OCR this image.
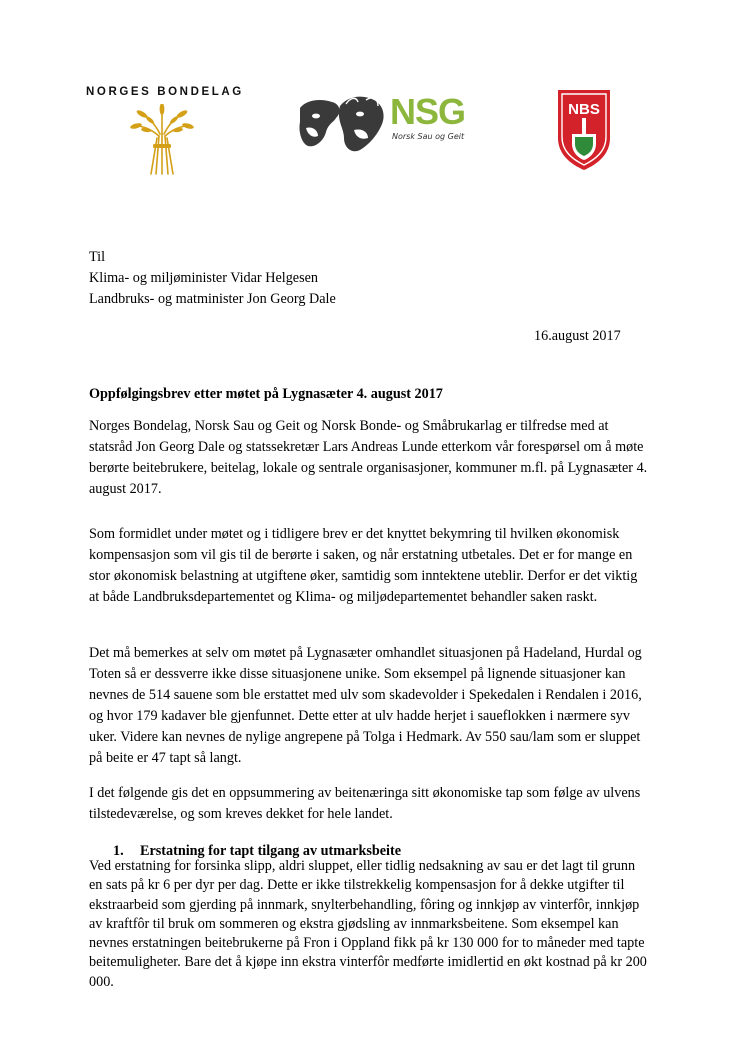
NORGES BONDELAG	NSG
Norsk Sau og Geit
NBS
Til
Klima- og miljøminister Vidar Helgesen
Landbruks- og matminister Jon Georg Dale
16.august 2017
Oppfølgingsbrev etter møtet på Lygnasæter 4. august 2017
Norges Bondelag, Norsk Sau og Geit og Norsk Bonde- og Småbrukarlag er tilfredse med at statsråd Jon Georg Dale og statssekretær Lars Andreas Lunde etterkom vår forespørsel om å møte berørte beitebrukere, beitelag, lokale og sentrale organisasjoner, kommuner m.fl. på Lygnasæter 4. august 2017.
Som formidlet under møtet og i tidligere brev er det knyttet bekymring til hvilken økonomisk kompensasjon som vil gis til de berørte i saken, og når erstatning utbetales. Det er for mange en stor økonomisk belastning at utgiftene øker, samtidig som inntektene uteblir. Derfor er det viktig at både Landbruksdepartementet og Klima- og miljødepartementet behandler saken raskt.
Det må bemerkes at selv om møtet på Lygnasæter omhandlet situasjonen på Hadeland, Hurdal og Toten så er dessverre ikke disse situasjonene unike. Som eksempel på lignende situasjoner kan nevnes de 514 sauene som ble erstattet med ulv som skadevolder i Spekedalen i Rendalen i 2016, og hvor 179 kadaver ble gjenfunnet. Dette etter at ulv hadde herjet i saueflokken i nærmere syv uker. Videre kan nevnes de nylige angrepene på Tolga i Hedmark. Av 550 sau/lam som er sluppet på beite er 47 tapt så langt.
I det følgende gis det en oppsummering av beitenæringa sitt økonomiske tap som følge av ulvens tilstedeværelse, og som kreves dekket for hele landet.
1. Erstatning for tapt tilgang av utmarksbeite
Ved erstatning for forsinka slipp, aldri sluppet, eller tidlig nedsakning av sau er det lagt til grunn en sats på kr 6 per dyr per dag. Dette er ikke tilstrekkelig kompensasjon for å dekke utgifter til ekstraarbeid som gjerding på innmark, snylterbehandling, fôring og innkjøp av vinterfôr, innkjøp av kraftfôr til bruk om sommeren og ekstra gjødsling av innmarksbeitene. Som eksempel kan nevnes erstatningen beitebrukerne på Fron i Oppland fikk på kr 130 000 for to måneder med tapte beitemuligheter. Bare det å kjøpe inn ekstra vinterfôr medførte imidlertid en økt kostnad på kr 200 000.
